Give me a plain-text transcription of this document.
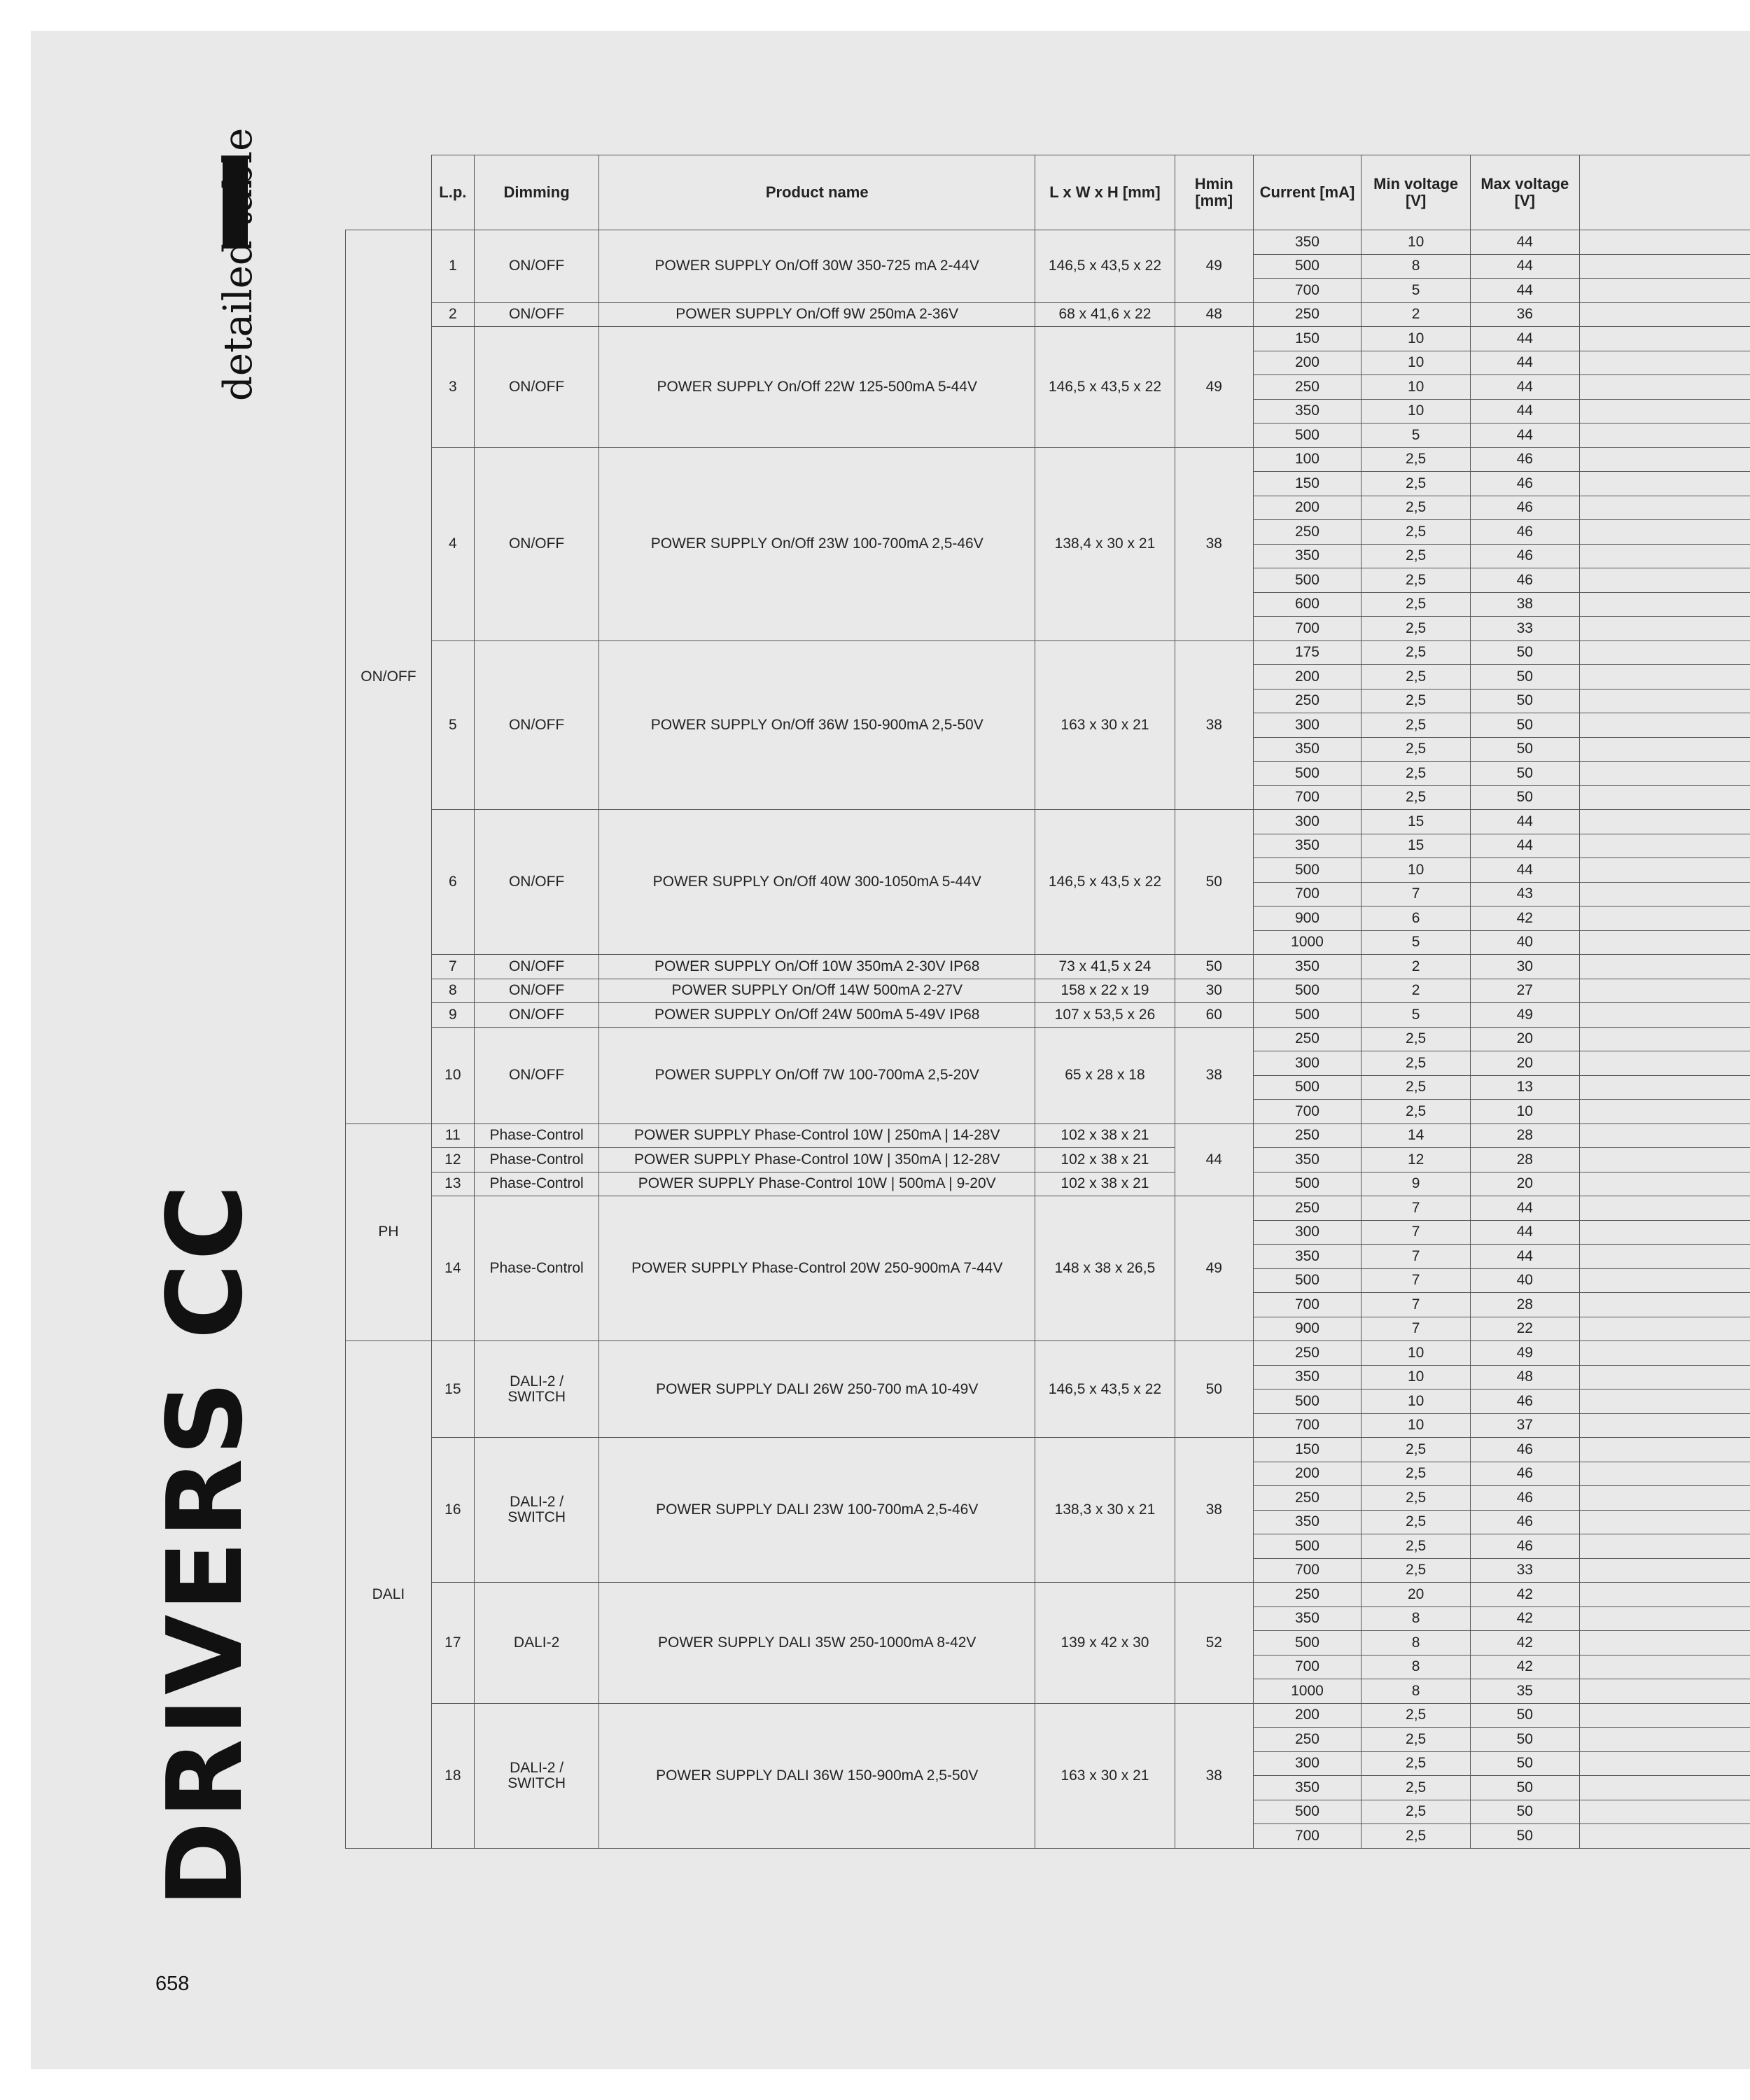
detailed table
DRIVERS CC
658
	L.p.	Dimming	Product name	L x W x H [mm]	Hmin [mm]	Current [mA]	Min voltage [V]	Max voltage [V]	
ON/OFF	1	ON/OFF	POWER SUPPLY On/Off 30W 350-725 mA 2-44V	146,5 x 43,5 x 22	49	350	10	44	
						500	8	44	
						700	5	44	
	2	ON/OFF	POWER SUPPLY On/Off 9W 250mA 2-36V	68 x 41,6 x 22	48	250	2	36	
	3	ON/OFF	POWER SUPPLY On/Off 22W 125-500mA 5-44V	146,5 x 43,5 x 22	49	150	10	44	
						200	10	44	
						250	10	44	
						350	10	44	
						500	5	44	
	4	ON/OFF	POWER SUPPLY On/Off 23W 100-700mA 2,5-46V	138,4 x 30 x 21	38	100	2,5	46	
						150	2,5	46	
						200	2,5	46	
						250	2,5	46	
						350	2,5	46	
						500	2,5	46	
						600	2,5	38	
						700	2,5	33	
	5	ON/OFF	POWER SUPPLY On/Off 36W 150-900mA 2,5-50V	163 x 30 x 21	38	175	2,5	50	
						200	2,5	50	
						250	2,5	50	
						300	2,5	50	
						350	2,5	50	
						500	2,5	50	
						700	2,5	50	
	6	ON/OFF	POWER SUPPLY On/Off 40W 300-1050mA 5-44V	146,5 x 43,5 x 22	50	300	15	44	
						350	15	44	
						500	10	44	
						700	7	43	
						900	6	42	
						1000	5	40	
	7	ON/OFF	POWER SUPPLY On/Off 10W 350mA 2-30V IP68	73 x 41,5 x 24	50	350	2	30	
	8	ON/OFF	POWER SUPPLY On/Off 14W 500mA 2-27V	158 x 22 x 19	30	500	2	27	
	9	ON/OFF	POWER SUPPLY On/Off 24W 500mA 5-49V IP68	107 x 53,5 x 26	60	500	5	49	
	10	ON/OFF	POWER SUPPLY On/Off 7W 100-700mA 2,5-20V	65 x 28 x 18	38	250	2,5	20	
						300	2,5	20	
						500	2,5	13	
						700	2,5	10	
PH	11	Phase-Control	POWER SUPPLY Phase-Control 10W | 250mA | 14-28V	102 x 38 x 21	44	250	14	28	
	12	Phase-Control	POWER SUPPLY Phase-Control 10W | 350mA | 12-28V	102 x 38 x 21		350	12	28	
	13	Phase-Control	POWER SUPPLY Phase-Control 10W | 500mA | 9-20V	102 x 38 x 21		500	9	20	
	14	Phase-Control	POWER SUPPLY Phase-Control 20W 250-900mA 7-44V	148 x 38 x 26,5	49	250	7	44	
						300	7	44	
						350	7	44	
						500	7	40	
						700	7	28	
						900	7	22	
DALI	15	DALI-2 / SWITCH	POWER SUPPLY DALI 26W 250-700 mA 10-49V	146,5 x 43,5 x 22	50	250	10	49	
						350	10	48	
						500	10	46	
						700	10	37	
	16	DALI-2 / SWITCH	POWER SUPPLY DALI 23W 100-700mA 2,5-46V	138,3 x 30 x 21	38	150	2,5	46	
						200	2,5	46	
						250	2,5	46	
						350	2,5	46	
						500	2,5	46	
						700	2,5	33	
	17	DALI-2	POWER SUPPLY DALI 35W 250-1000mA 8-42V	139 x 42 x 30	52	250	20	42	
						350	8	42	
						500	8	42	
						700	8	42	
						1000	8	35	
	18	DALI-2 / SWITCH	POWER SUPPLY DALI 36W 150-900mA 2,5-50V	163 x 30 x 21	38	200	2,5	50	
						250	2,5	50	
						300	2,5	50	
						350	2,5	50	
						500	2,5	50	
						700	2,5	50	
